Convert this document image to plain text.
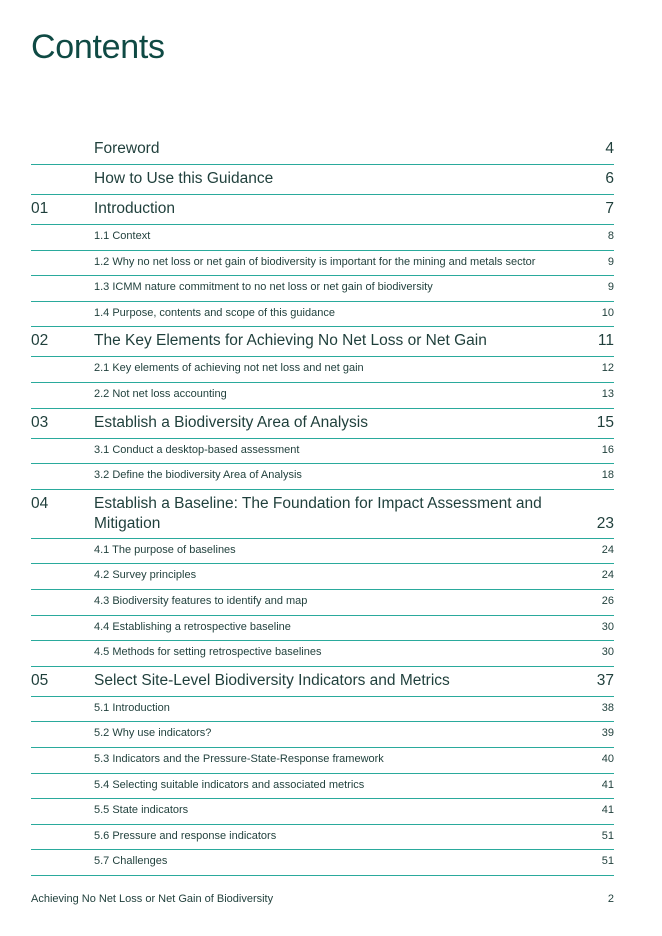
Contents
Foreword	4
How to Use this Guidance	6
01	Introduction	7
1.1 Context	8
1.2 Why no net loss or net gain of biodiversity is important for the mining and metals sector	9
1.3 ICMM nature commitment to no net loss or net gain of biodiversity	9
1.4 Purpose, contents and scope of this guidance	10
02	The Key Elements for Achieving No Net Loss or Net Gain	11
2.1 Key elements of achieving not net loss and net gain	12
2.2 Not net loss accounting	13
03	Establish a Biodiversity Area of Analysis	15
3.1 Conduct a desktop-based assessment	16
3.2 Define the biodiversity Area of Analysis	18
04	Establish a Baseline: The Foundation for Impact Assessment and Mitigation	23
4.1 The purpose of baselines	24
4.2 Survey principles	24
4.3 Biodiversity features to identify and map	26
4.4 Establishing a retrospective baseline	30
4.5 Methods for setting retrospective baselines	30
05	Select Site-Level Biodiversity Indicators and Metrics	37
5.1 Introduction	38
5.2 Why use indicators?	39
5.3 Indicators and the Pressure-State-Response framework	40
5.4 Selecting suitable indicators and associated metrics	41
5.5 State indicators	41
5.6 Pressure and response indicators	51
5.7 Challenges	51
Achieving No Net Loss or Net Gain of Biodiversity	2
